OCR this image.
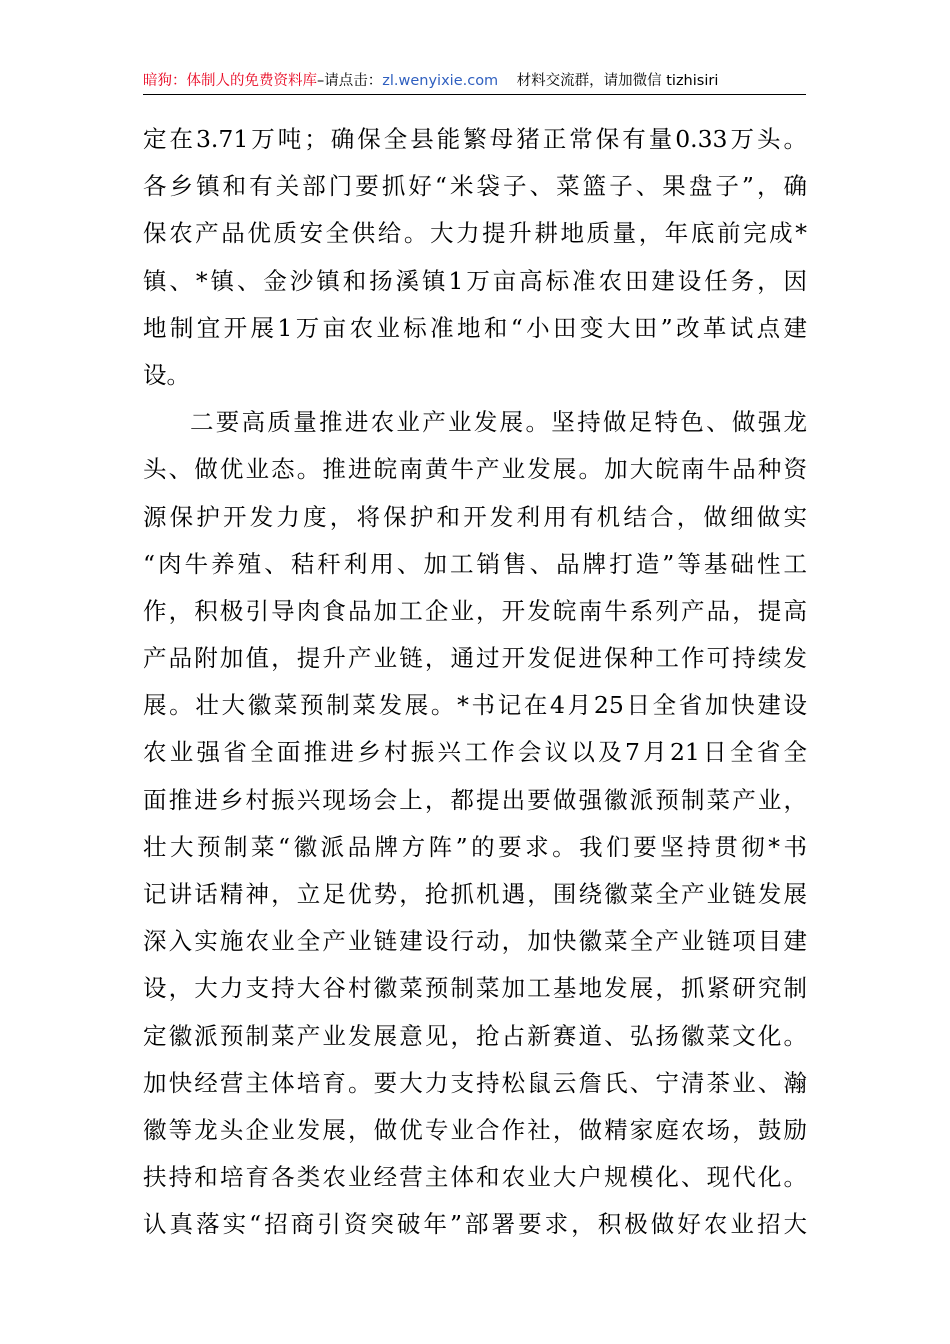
暗狗：体制人的免费资料库–请点击：zl.wenyixie.com 材料交流群，请加微信 tizhisiri
定在3.71万吨；确保全县能繁母猪正常保有量0.33万头。
各乡镇和有关部门要抓好“米袋子、菜篮子、果盘子”，确
保农产品优质安全供给。大力提升耕地质量，年底前完成*
镇、*镇、金沙镇和扬溪镇1万亩高标准农田建设任务，因
地制宜开展1万亩农业标准地和“小田变大田”改革试点建
设。
二要高质量推进农业产业发展。坚持做足特色、做强龙
头、做优业态。推进皖南黄牛产业发展。加大皖南牛品种资
源保护开发力度，将保护和开发利用有机结合，做细做实
“肉牛养殖、秸秆利用、加工销售、品牌打造”等基础性工
作，积极引导肉食品加工企业，开发皖南牛系列产品，提高
产品附加值，提升产业链，通过开发促进保种工作可持续发
展。壮大徽菜预制菜发展。*书记在4月25日全省加快建设
农业强省全面推进乡村振兴工作会议以及7月21日全省全
面推进乡村振兴现场会上，都提出要做强徽派预制菜产业，
壮大预制菜“徽派品牌方阵”的要求。我们要坚持贯彻*书
记讲话精神，立足优势，抢抓机遇，围绕徽菜全产业链发展
深入实施农业全产业链建设行动，加快徽菜全产业链项目建
设，大力支持大谷村徽菜预制菜加工基地发展，抓紧研究制
定徽派预制菜产业发展意见，抢占新赛道、弘扬徽菜文化。
加快经营主体培育。要大力支持松鼠云詹氏、宁清茶业、瀚
徽等龙头企业发展，做优专业合作社，做精家庭农场，鼓励
扶持和培育各类农业经营主体和农业大户规模化、现代化。
认真落实“招商引资突破年”部署要求，积极做好农业招大
